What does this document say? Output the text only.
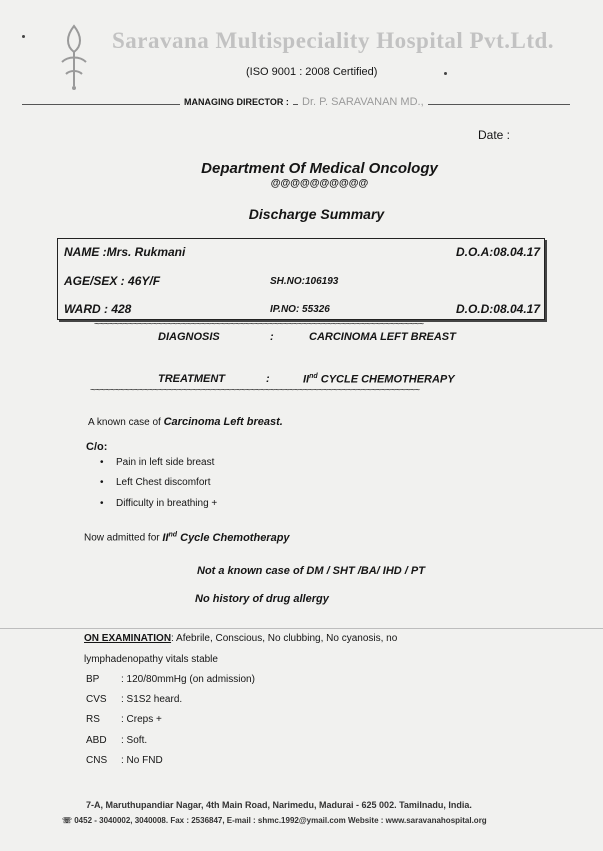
Saravana Multispeciality Hospital Pvt.Ltd.
(ISO 9001 : 2008 Certified)
MANAGING DIRECTOR :	Dr. P. SARAVANAN MD.,
Date :
Department Of Medical Oncology
@@@@@@@@@@
Discharge Summary
NAME :Mrs. Rukmani	D.O.A:08.04.17
AGE/SEX : 46Y/F	SH.NO:106193
WARD : 428	IP.NO: 55326	D.O.D:08.04.17
~~~~~~~~~~~~~~~~~~~~~~~~~~~~~~~~~~~~~~~~~~~~~~~~~~~~~~~~~~~~~~~~~~~~
DIAGNOSIS	:	CARCINOMA LEFT BREAST
TREATMENT	:	IInd CYCLE CHEMOTHERAPY
~~~~~~~~~~~~~~~~~~~~~~~~~~~~~~~~~~~~~~~~~~~~~~~~~~~~~~~~~~~~~~~~~~~~
A known case of Carcinoma Left breast.
C/o:
• Pain in left side breast
• Left Chest discomfort
• Difficulty in breathing +
Now admitted for IInd Cycle Chemotherapy
Not a known case of DM / SHT /BA/ IHD / PT
No history of drug allergy
ON EXAMINATION: Afebrile, Conscious, No clubbing, No cyanosis, no
lymphadenopathy vitals stable
BP : 120/80mmHg (on admission)
CVS : S1S2 heard.
RS : Creps +
ABD : Soft.
CNS : No FND
7-A, Maruthupandiar Nagar, 4th Main Road, Narimedu, Madurai - 625 002. Tamilnadu, India.
☏ 0452 - 3040002, 3040008. Fax : 2536847, E-mail : shmc.1992@ymail.com Website : www.saravanahospital.org
